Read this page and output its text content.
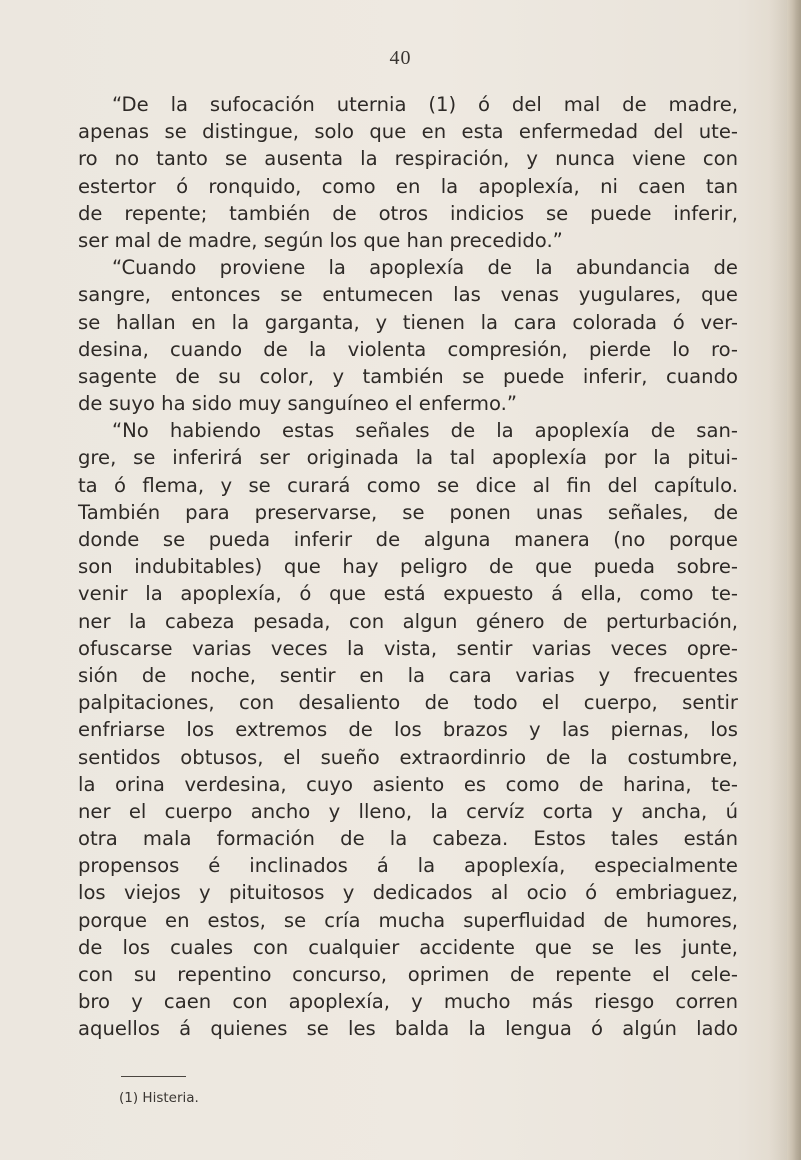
40
“De la sufocación uternia (1) ó del mal de madre,
apenas se distingue, solo que en esta enfermedad del ute-
ro no tanto se ausenta la respiración, y nunca viene con
estertor ó ronquido, como en la apoplexía, ni caen tan
de repente; también de otros indicios se puede inferir,
ser mal de madre, según los que han precedido.”
“Cuando proviene la apoplexía de la abundancia de
sangre, entonces se entumecen las venas yugulares, que
se hallan en la garganta, y tienen la cara colorada ó ver-
desina, cuando de la violenta compresión, pierde lo ro-
sagente de su color, y también se puede inferir, cuando
de suyo ha sido muy sanguíneo el enfermo.”
“No habiendo estas señales de la apoplexía de san-
gre, se inferirá ser originada la tal apoplexía por la pitui-
ta ó flema, y se curará como se dice al fin del capítulo.
También para preservarse, se ponen unas señales, de
donde se pueda inferir de alguna manera (no porque
son indubitables) que hay peligro de que pueda sobre-
venir la apoplexía, ó que está expuesto á ella, como te-
ner la cabeza pesada, con algun género de perturbación,
ofuscarse varias veces la vista, sentir varias veces opre-
sión de noche, sentir en la cara varias y frecuentes
palpitaciones, con desaliento de todo el cuerpo, sentir
enfriarse los extremos de los brazos y las piernas, los
sentidos obtusos, el sueño extraordinrio de la costumbre,
la orina verdesina, cuyo asiento es como de harina, te-
ner el cuerpo ancho y lleno, la cervíz corta y ancha, ú
otra mala formación de la cabeza. Estos tales están
propensos é inclinados á la apoplexía, especialmente
los viejos y pituitosos y dedicados al ocio ó embriaguez,
porque en estos, se cría mucha superfluidad de humores,
de los cuales con cualquier accidente que se les junte,
con su repentino concurso, oprimen de repente el cele-
bro y caen con apoplexía, y mucho más riesgo corren
aquellos á quienes se les balda la lengua ó algún lado
(1) Histeria.
